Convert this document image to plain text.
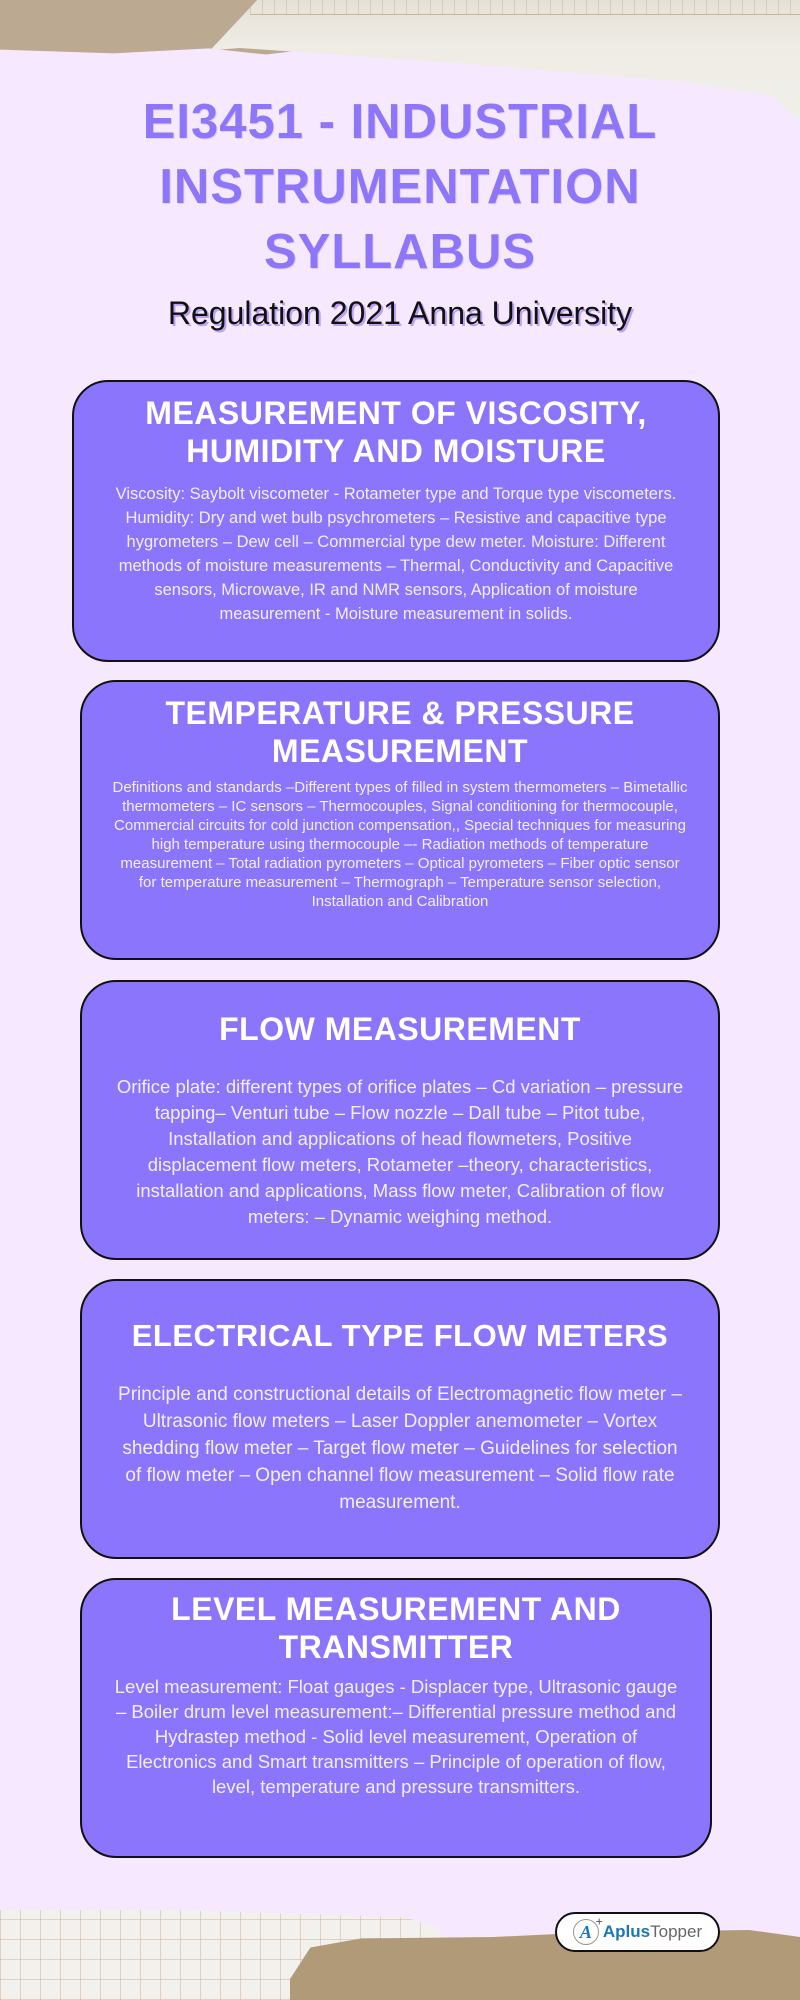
EI3451 - INDUSTRIAL INSTRUMENTATION SYLLABUS
Regulation 2021 Anna University
MEASUREMENT OF VISCOSITY, HUMIDITY AND MOISTURE

Viscosity: Saybolt viscometer - Rotameter type and Torque type viscometers. Humidity: Dry and wet bulb psychrometers – Resistive and capacitive type hygrometers – Dew cell – Commercial type dew meter. Moisture: Different methods of moisture measurements – Thermal, Conductivity and Capacitive sensors, Microwave, IR and NMR sensors, Application of moisture measurement - Moisture measurement in solids.

TEMPERATURE & PRESSURE MEASUREMENT

Definitions and standards –Different types of filled in system thermometers – Bimetallic thermometers – IC sensors – Thermocouples, Signal conditioning for thermocouple, Commercial circuits for cold junction compensation,, Special techniques for measuring high temperature using thermocouple –- Radiation methods of temperature measurement – Total radiation pyrometers – Optical pyrometers – Fiber optic sensor for temperature measurement – Thermograph – Temperature sensor selection, Installation and Calibration

FLOW MEASUREMENT

Orifice plate: different types of orifice plates – Cd variation – pressure tapping– Venturi tube – Flow nozzle – Dall tube – Pitot tube, Installation and applications of head flowmeters, Positive displacement flow meters, Rotameter –theory, characteristics, installation and applications, Mass flow meter, Calibration of flow meters: – Dynamic weighing method.

ELECTRICAL TYPE FLOW METERS

Principle and constructional details of Electromagnetic flow meter – Ultrasonic flow meters – Laser Doppler anemometer – Vortex shedding flow meter – Target flow meter – Guidelines for selection of flow meter – Open channel flow measurement – Solid flow rate measurement.

LEVEL MEASUREMENT AND TRANSMITTER

Level measurement: Float gauges - Displacer type, Ultrasonic gauge – Boiler drum level measurement:– Differential pressure method and Hydrastep method - Solid level measurement, Operation of Electronics and Smart transmitters – Principle of operation of flow, level, temperature and pressure transmitters.

A + AplusTopper
